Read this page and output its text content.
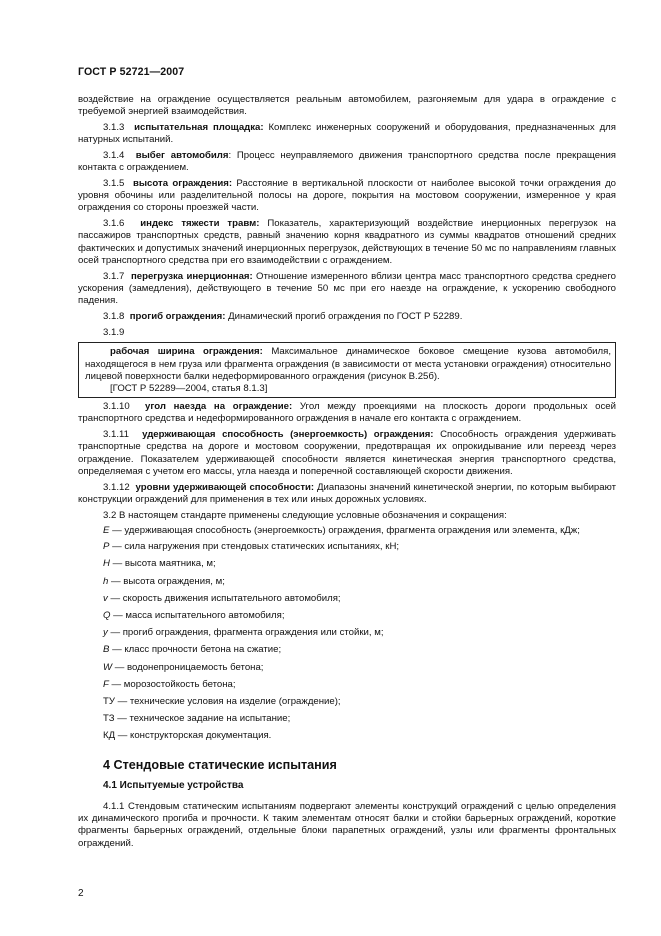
ГОСТ Р 52721—2007

воздействие на ограждение осуществляется реальным автомобилем, разгоняемым для удара в ограждение с требуемой энергией взаимодействия.

3.1.3 испытательная площадка: Комплекс инженерных сооружений и оборудования, предназначенных для натурных испытаний.

3.1.4 выбег автомобиля: Процесс неуправляемого движения транспортного средства после прекращения контакта с ограждением.

3.1.5 высота ограждения: Расстояние в вертикальной плоскости от наиболее высокой точки ограждения до уровня обочины или разделительной полосы на дороге, покрытия на мостовом сооружении, измеренное у края ограждения со стороны проезжей части.

3.1.6 индекс тяжести травм: Показатель, характеризующий воздействие инерционных перегрузок на пассажиров транспортных средств, равный значению корня квадратного из суммы квадратов отношений средних фактических и допустимых значений инерционных перегрузок, действующих в течение 50 мс по направлениям главных осей транспортного средства при его взаимодействии с ограждением.

3.1.7 перегрузка инерционная: Отношение измеренного вблизи центра масс транспортного средства среднего ускорения (замедления), действующего в течение 50 мс при его наезде на ограждение, к ускорению свободного падения.

3.1.8 прогиб ограждения: Динамический прогиб ограждения по ГОСТ Р 52289.

3.1.9

рабочая ширина ограждения: Максимальное динамическое боковое смещение кузова автомобиля, находящегося в нем груза или фрагмента ограждения (в зависимости от места установки ограждения) относительно лицевой поверхности балки недеформированного ограждения (рисунок В.25б).

[ГОСТ Р 52289—2004, статья 8.1.3]

3.1.10 угол наезда на ограждение: Угол между проекциями на плоскость дороги продольных осей транспортного средства и недеформированного ограждения в начале его контакта с ограждением.

3.1.11 удерживающая способность (энергоемкость) ограждения: Способность ограждения удерживать транспортные средства на дороге и мостовом сооружении, предотвращая их опрокидывание или переезд через ограждение. Показателем удерживающей способности является кинетическая энергия транспортного средства, определяемая с учетом его массы, угла наезда и поперечной составляющей скорости движения.

3.1.12 уровни удерживающей способности: Диапазоны значений кинетической энергии, по которым выбирают конструкции ограждений для применения в тех или иных дорожных условиях.

3.2 В настоящем стандарте применены следующие условные обозначения и сокращения:

E — удерживающая способность (энергоемкость) ограждения, фрагмента ограждения или элемента, кДж;

P — сила нагружения при стендовых статических испытаниях, кН;

H — высота маятника, м;

h — высота ограждения, м;

v — скорость движения испытательного автомобиля;

Q — масса испытательного автомобиля;

y — прогиб ограждения, фрагмента ограждения или стойки, м;

B — класс прочности бетона на сжатие;

W — водонепроницаемость бетона;

F — морозостойкость бетона;

ТУ — технические условия на изделие (ограждение);

ТЗ — техническое задание на испытание;

КД — конструкторская документация.

4 Стендовые статические испытания
4.1 Испытуемые устройства

4.1.1 Стендовым статическим испытаниям подвергают элементы конструкций ограждений с целью определения их динамического прогиба и прочности. К таким элементам относят балки и стойки барьерных ограждений, короткие фрагменты барьерных ограждений, отдельные блоки парапетных ограждений, узлы или фрагменты фронтальных ограждений.

2
